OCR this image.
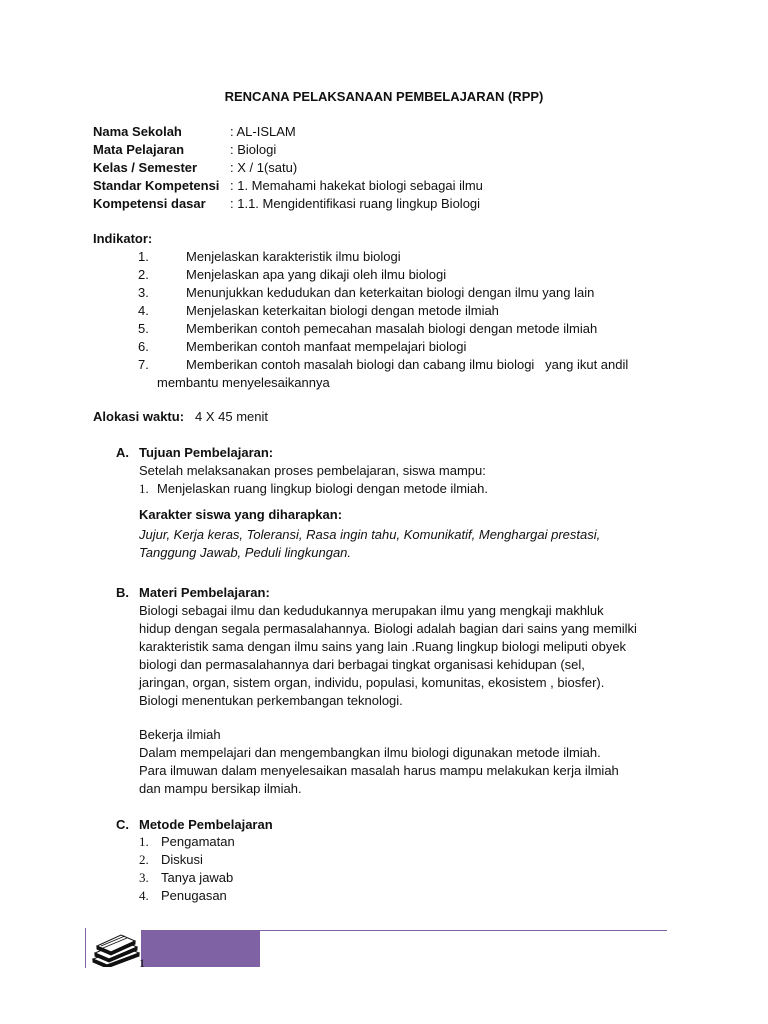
RENCANA PELAKSANAAN PEMBELAJARAN (RPP)
Nama Sekolah	: AL-ISLAM
Mata Pelajaran	: Biologi
Kelas / Semester	: X / 1(satu)
Standar Kompetensi : 1. Memahami hakekat biologi sebagai ilmu
Kompetensi dasar : 1.1. Mengidentifikasi ruang lingkup Biologi
Indikator:
1.	Menjelaskan karakteristik ilmu biologi
2.	Menjelaskan apa yang dikaji oleh ilmu biologi
3.	Menunjukkan kedudukan dan keterkaitan biologi dengan ilmu yang lain
4.	Menjelaskan keterkaitan biologi dengan metode ilmiah
5.	Memberikan contoh pemecahan masalah biologi dengan metode ilmiah
6.	Memberikan contoh manfaat mempelajari biologi
7.	Memberikan contoh masalah biologi dan cabang ilmu biologi   yang ikut andil
membantu menyelesaikannya
Alokasi waktu: 4 X 45 menit
A. Tujuan Pembelajaran:
Setelah melaksanakan proses pembelajaran, siswa mampu:
1. Menjelaskan ruang lingkup biologi dengan metode ilmiah.
Karakter siswa yang diharapkan:
Jujur, Kerja keras, Toleransi, Rasa ingin tahu, Komunikatif, Menghargai prestasi,
Tanggung Jawab, Peduli lingkungan.
B. Materi Pembelajaran:
Biologi sebagai ilmu dan kedudukannya merupakan ilmu yang mengkaji makhluk
hidup dengan segala permasalahannya. Biologi adalah bagian dari sains yang memilki
karakteristik sama dengan ilmu sains yang lain .Ruang lingkup biologi meliputi obyek
biologi dan permasalahannya dari berbagai tingkat organisasi kehidupan (sel,
jaringan, organ, sistem organ, individu, populasi, komunitas, ekosistem , biosfer).
Biologi menentukan perkembangan teknologi.
Bekerja ilmiah
Dalam mempelajari dan mengembangkan ilmu biologi digunakan metode ilmiah.
Para ilmuwan dalam menyelesaikan masalah harus mampu melakukan kerja ilmiah
dan mampu bersikap ilmiah.
C. Metode Pembelajaran
1. Pengamatan
2. Diskusi
3. Tanya jawab
4. Penugasan
1
